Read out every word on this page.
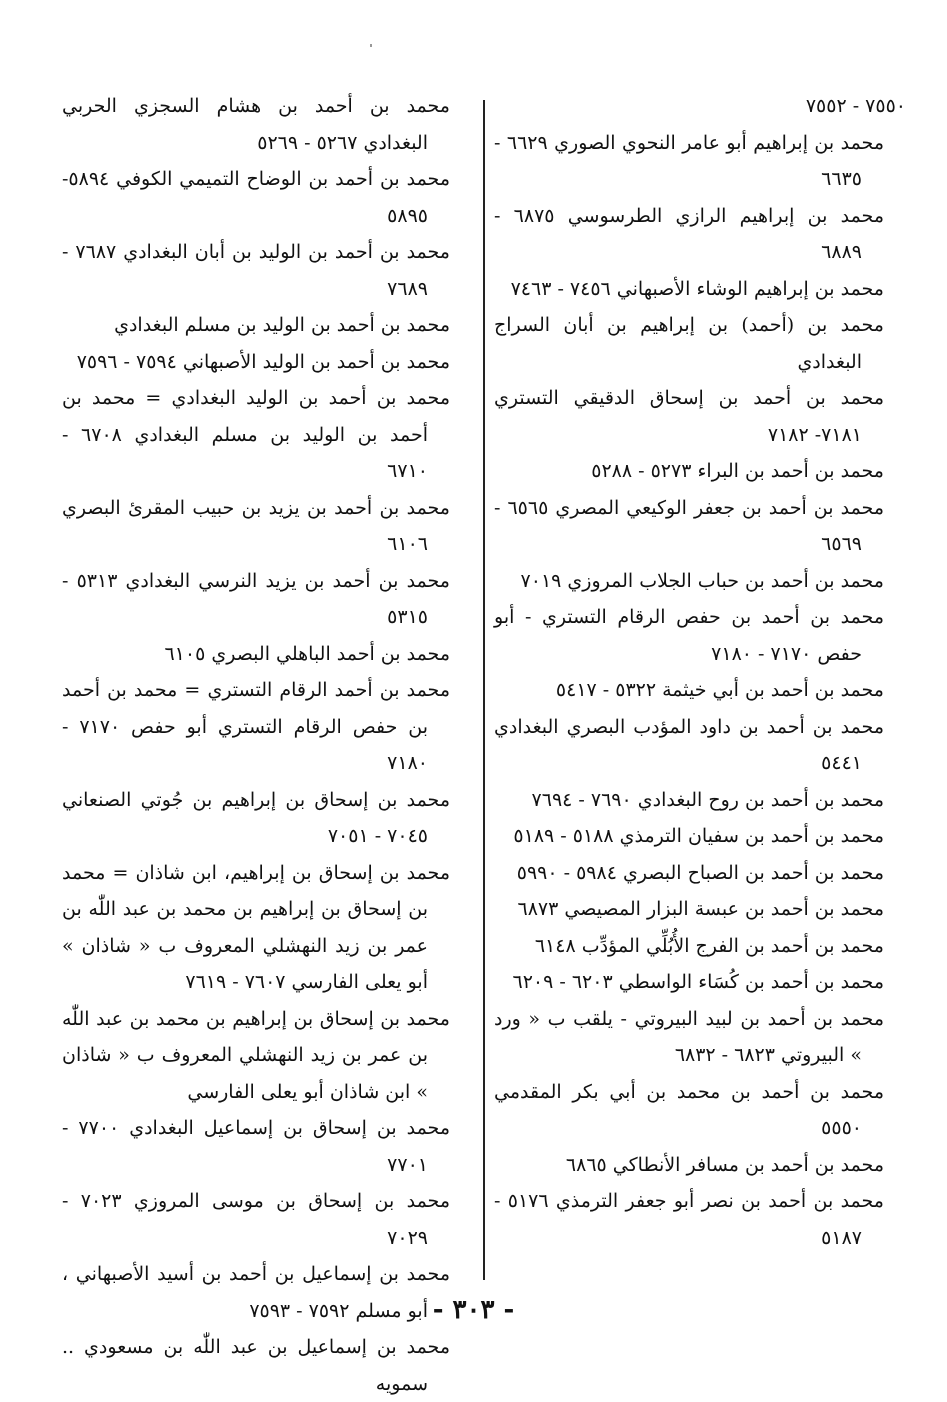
٧٥٥٠ - ٧٥٥٢
محمد بن إبراهيم أبو عامر النحوي الصوري ٦٦٢٩ - ٦٦٣٥
محمد بن إبراهيم الرازي الطرسوسي ٦٨٧٥ - ٦٨٨٩
محمد بن إبراهيم الوشاء الأصبهاني ٧٤٥٦ - ٧٤٦٣
محمد بن (أحمد) بن إبراهيم بن أبان السراج البغدادي
محمد بن أحمد بن إسحاق الدقيقي التستري ٧١٨١- ٧١٨٢
محمد بن أحمد بن البراء ٥٢٧٣ - ٥٢٨٨
محمد بن أحمد بن جعفر الوكيعي المصري ٦٥٦٥ - ٦٥٦٩
محمد بن أحمد بن حباب الجلاب المروزي ٧٠١٩
محمد بن أحمد بن حفص الرقام التستري - أبو حفص ٧١٧٠ - ٧١٨٠
محمد بن أحمد بن أبي خيثمة ٥٣٢٢ - ٥٤١٧
محمد بن أحمد بن داود المؤدب البصري البغدادي ٥٤٤١
محمد بن أحمد بن روح البغدادي ٧٦٩٠ - ٧٦٩٤
محمد بن أحمد بن سفيان الترمذي ٥١٨٨ - ٥١٨٩
محمد بن أحمد بن الصباح البصري ٥٩٨٤ - ٥٩٩٠
محمد بن أحمد بن عبسة البزار المصيصي ٦٨٧٣
محمد بن أحمد بن الفرج الأُبُلِّي المؤدِّب ٦١٤٨
محمد بن أحمد بن كُسَاء الواسطي ٦٢٠٣ - ٦٢٠٩
محمد بن أحمد بن لبيد البيروتي - يلقب ب « ورد » البيروتي ٦٨٢٣ - ٦٨٣٢
محمد بن أحمد بن محمد بن أبي بكر المقدمي ٥٥٥٠
محمد بن أحمد بن مسافر الأنطاكي ٦٨٦٥
محمد بن أحمد بن نصر أبو جعفر الترمذي ٥١٧٦ - ٥١٨٧
محمد بن أحمد بن هشام السجزي الحربي البغدادي ٥٢٦٧ - ٥٢٦٩
محمد بن أحمد بن الوضاح التميمي الكوفي ٥٨٩٤- ٥٨٩٥
محمد بن أحمد بن الوليد بن أبان البغدادي ٧٦٨٧ - ٧٦٨٩
محمد بن أحمد بن الوليد بن مسلم البغدادي
محمد بن أحمد بن الوليد الأصبهاني ٧٥٩٤ - ٧٥٩٦
محمد بن أحمد بن الوليد البغدادي = محمد بن أحمد بن الوليد بن مسلم البغدادي ٦٧٠٨ - ٦٧١٠
محمد بن أحمد بن يزيد بن حبيب المقرئ البصري ٦١٠٦
محمد بن أحمد بن يزيد النرسي البغدادي ٥٣١٣ - ٥٣١٥
محمد بن أحمد الباهلي البصري ٦١٠٥
محمد بن أحمد الرقام التستري = محمد بن أحمد بن حفص الرقام التستري أبو حفص ٧١٧٠ - ٧١٨٠
محمد بن إسحاق بن إبراهيم بن جُوتي الصنعاني ٧٠٤٥ - ٧٠٥١
محمد بن إسحاق بن إبراهيم، ابن شاذان = محمد بن إسحاق بن إبراهيم بن محمد بن عبد اللّٰه بن عمر بن زيد النهشلي المعروف ب « شاذان » أبو يعلى الفارسي ٧٦٠٧ - ٧٦١٩
محمد بن إسحاق بن إبراهيم بن محمد بن عبد اللّٰه بن عمر بن زيد النهشلي المعروف ب « شاذان » ابن شاذان أبو يعلى الفارسي
محمد بن إسحاق بن إسماعيل البغدادي ٧٧٠٠ - ٧٧٠١
محمد بن إسحاق بن موسى المروزي ٧٠٢٣ - ٧٠٢٩
محمد بن إسماعيل بن أحمد بن أسيد الأصبهاني ، أبو مسلم ٧٥٩٢ - ٧٥٩٣
محمد بن إسماعيل بن عبد اللّٰه بن مسعودي .. سمويه
- ٣٠٣ -
